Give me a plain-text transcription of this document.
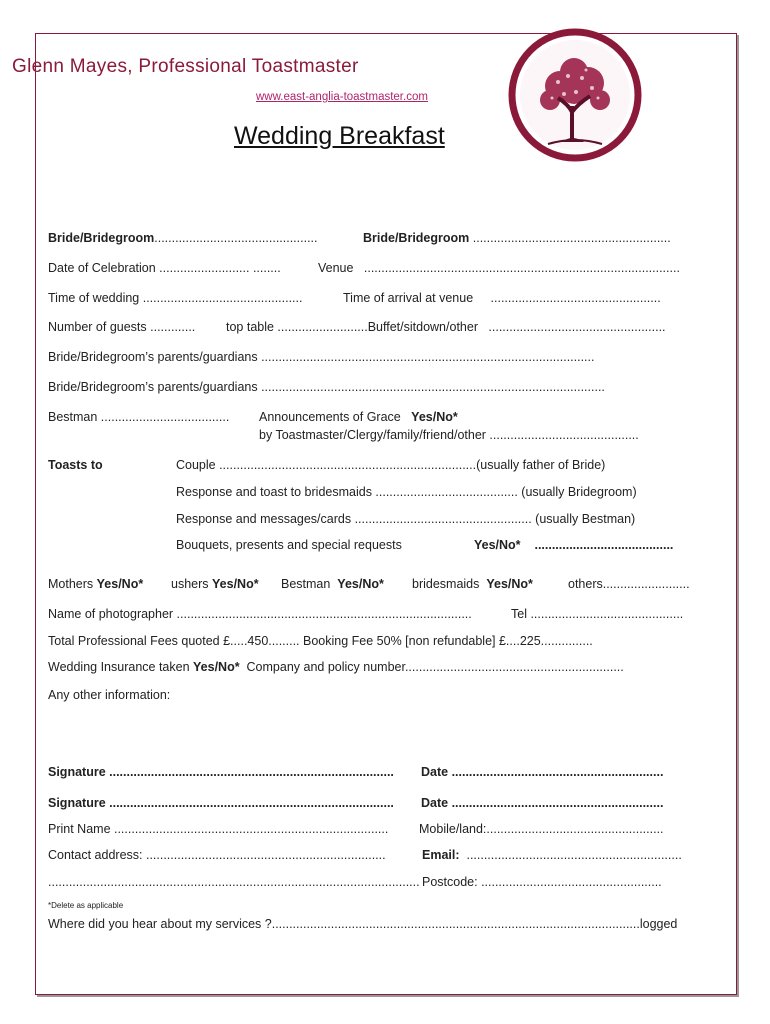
Glenn Mayes, Professional Toastmaster
www.east-anglia-toastmaster.com
Wedding Breakfast
Bride/Bridegroom...............................................	Bride/Bridegroom .........................................................
Date of Celebration .......................... ........	Venue ...........................................................................................
Time of wedding ..............................................	Time of arrival at venue .................................................
Number of guests ............. top table ..........................Buffet/sitdown/other ...................................................
Bride/Bridegroom’s parents/guardians ................................................................................................
Bride/Bridegroom’s parents/guardians ...................................................................................................
Bestman ..................................... Announcements of Grace Yes/No*
by Toastmaster/Clergy/family/friend/other ...........................................
Toasts to	Couple ..........................................................................(usually father of Bride)
Response and toast to bridesmaids ......................................... (usually Bridegroom)
Response and messages/cards ................................................... (usually Bestman)
Bouquets, presents and special requests	Yes/No* ........................................
Mothers Yes/No* ushers Yes/No* Bestman Yes/No* bridesmaids Yes/No*	others.........................
Name of photographer .....................................................................................	Tel ............................................
Total Professional Fees quoted £.....450......... Booking Fee 50% [non refundable] £....225...............
Wedding Insurance taken Yes/No* Company and policy number...............................................................
Any other information:
Signature .................................................................................. Date .............................................................
Signature .................................................................................. Date .............................................................
Print Name ............................................................................... Mobile/land:...................................................
Contact address: .....................................................................	Email: ..............................................................
........................................................................................................... Postcode: ....................................................
*Delete as applicable
Where did you hear about my services ?..........................................................................................................logged
